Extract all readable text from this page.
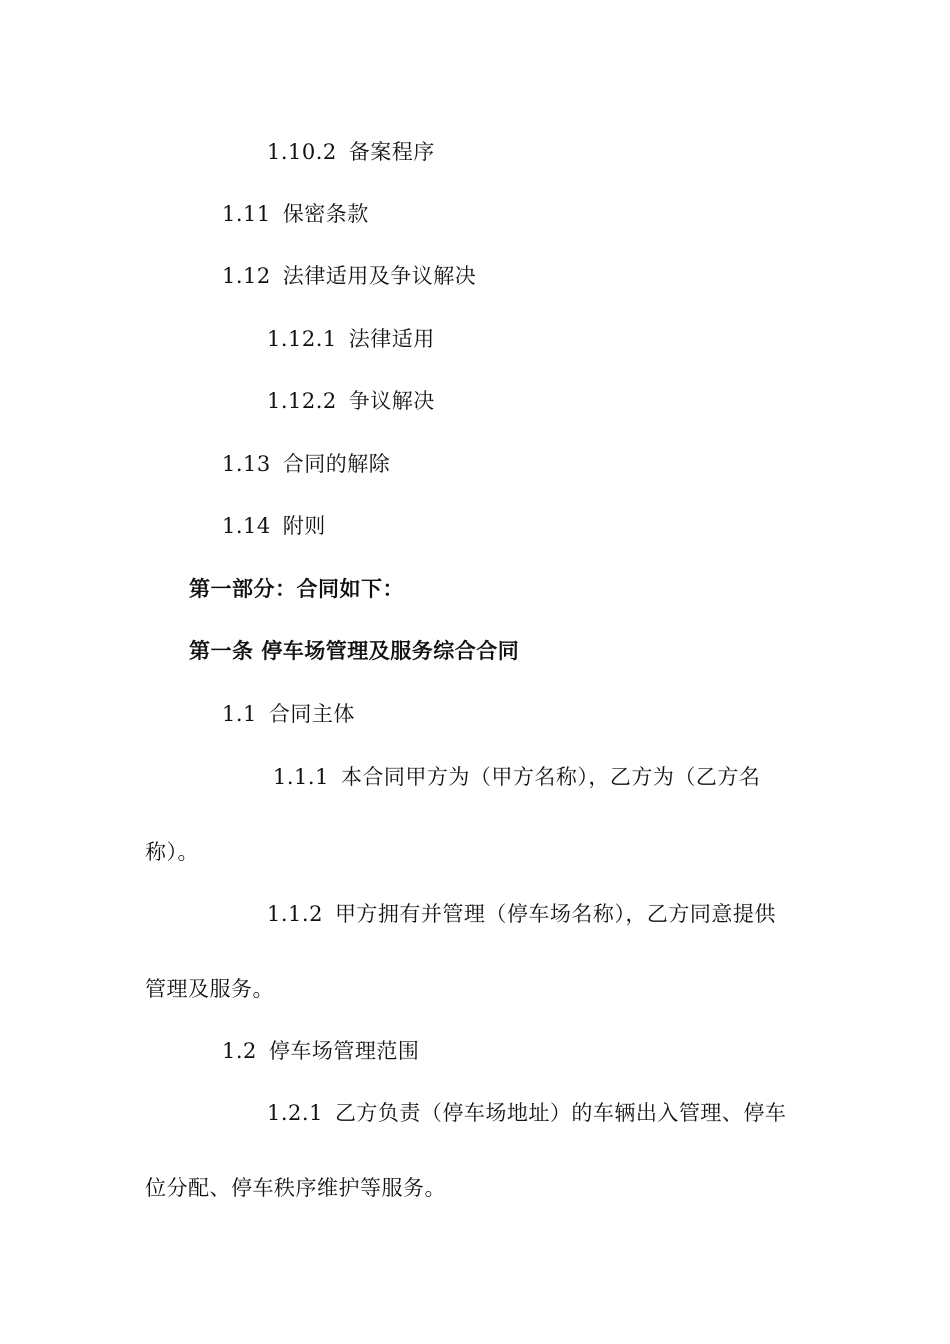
1.10.2 备案程序
1.11 保密条款
1.12 法律适用及争议解决
1.12.1 法律适用
1.12.2 争议解决
1.13 合同的解除
1.14 附则
第一部分：合同如下：
第一条 停车场管理及服务综合合同
1.1 合同主体
1.1.1 本合同甲方为（甲方名称），乙方为（乙方名
称）。
1.1.2 甲方拥有并管理（停车场名称），乙方同意提供
管理及服务。
1.2 停车场管理范围
1.2.1 乙方负责（停车场地址）的车辆出入管理、停车
位分配、停车秩序维护等服务。
